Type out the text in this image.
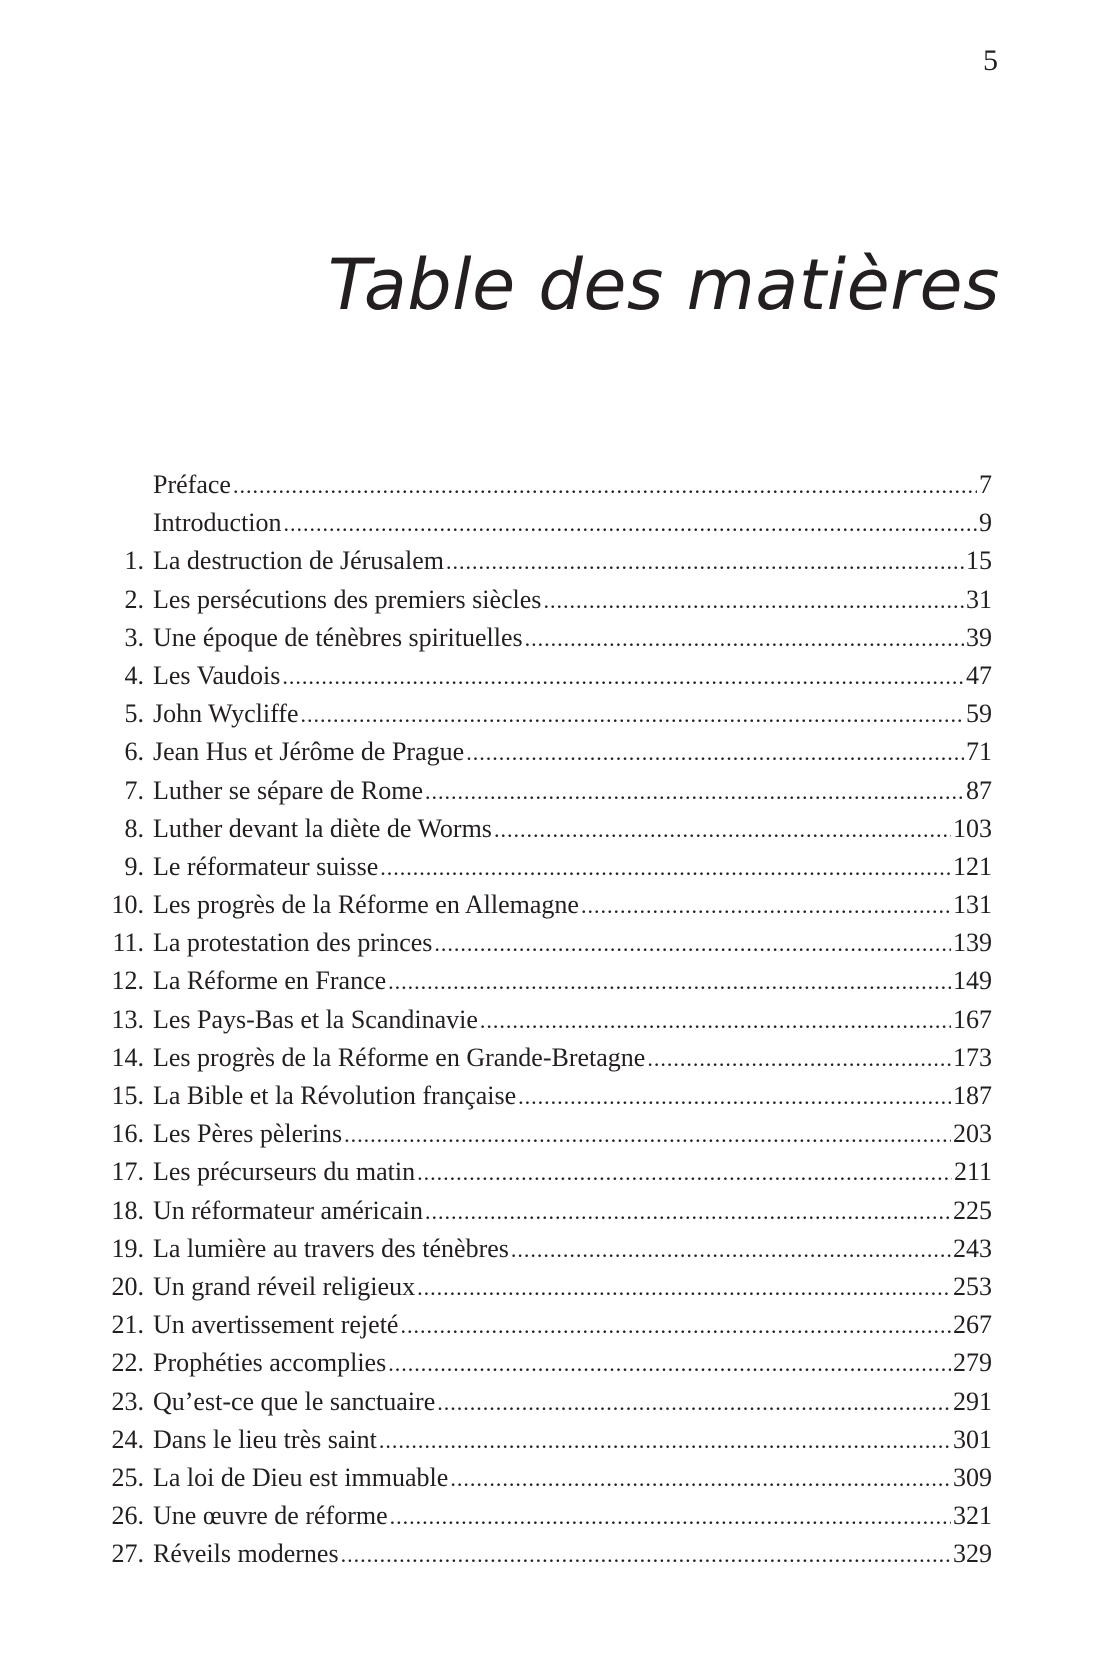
5
Table des matières
Préface .....	7
Introduction .....	9
1. La destruction de Jérusalem .....	15
2. Les persécutions des premiers siècles .....	31
3. Une époque de ténèbres spirituelles .....	39
4. Les Vaudois .....	47
5. John Wycliffe .....	59
6. Jean Hus et Jérôme de Prague .....	71
7. Luther se sépare de Rome .....	87
8. Luther devant la diète de Worms .....	103
9. Le réformateur suisse .....	121
10. Les progrès de la Réforme en Allemagne .....	131
11. La protestation des princes .....	139
12. La Réforme en France .....	149
13. Les Pays-Bas et la Scandinavie .....	167
14. Les progrès de la Réforme en Grande-Bretagne .....	173
15. La Bible et la Révolution française .....	187
16. Les Pères pèlerins .....	203
17. Les précurseurs du matin .....	211
18. Un réformateur américain .....	225
19. La lumière au travers des ténèbres .....	243
20. Un grand réveil religieux .....	253
21. Un avertissement rejeté .....	267
22. Prophéties accomplies .....	279
23. Qu’est-ce que le sanctuaire .....	291
24. Dans le lieu très saint .....	301
25. La loi de Dieu est immuable .....	309
26. Une œuvre de réforme .....	321
27. Réveils modernes .....	329
